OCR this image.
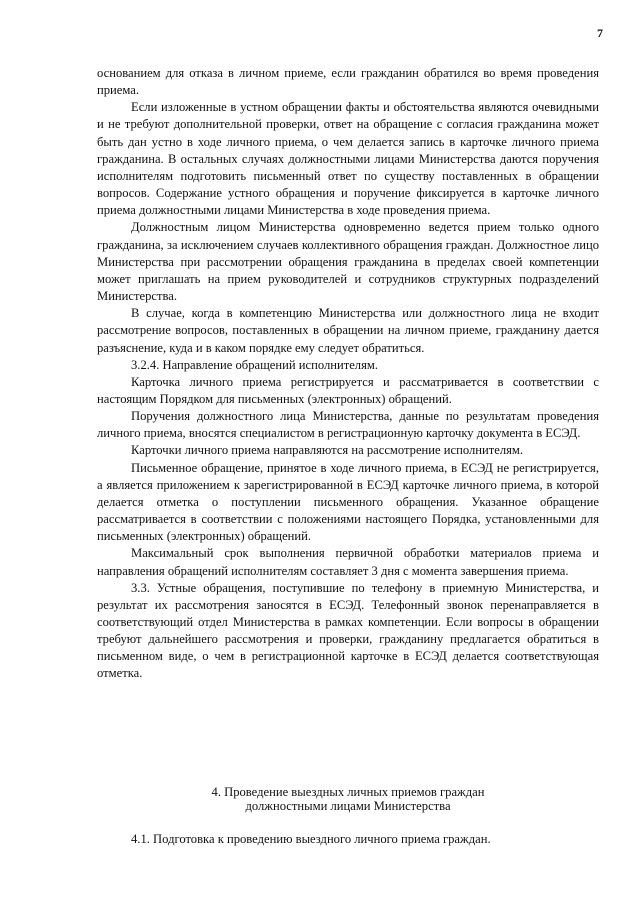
7

основанием для отказа в личном приеме, если гражданин обратился во время проведения приема.

Если изложенные в устном обращении факты и обстоятельства являются очевидными и не требуют дополнительной проверки, ответ на обращение с согласия гражданина может быть дан устно в ходе личного приема, о чем делается запись в карточке личного приема гражданина. В остальных случаях должностными лицами Министерства даются поручения исполнителям подготовить письменный ответ по существу поставленных в обращении вопросов. Содержание устного обращения и поручение фиксируется в карточке личного приема должностными лицами Министерства в ходе проведения приема.

Должностным лицом Министерства одновременно ведется прием только одного гражданина, за исключением случаев коллективного обращения граждан. Должностное лицо Министерства при рассмотрении обращения гражданина в пределах своей компетенции может приглашать на прием руководителей и сотрудников структурных подразделений Министерства.

В случае, когда в компетенцию Министерства или должностного лица не входит рассмотрение вопросов, поставленных в обращении на личном приеме, гражданину дается разъяснение, куда и в каком порядке ему следует обратиться.

3.2.4. Направление обращений исполнителям.

Карточка личного приема регистрируется и рассматривается в соответствии с настоящим Порядком для письменных (электронных) обращений.

Поручения должностного лица Министерства, данные по результатам проведения личного приема, вносятся специалистом в регистрационную карточку документа в ЕСЭД.

Карточки личного приема направляются на рассмотрение исполнителям.

Письменное обращение, принятое в ходе личного приема, в ЕСЭД не регистрируется, а является приложением к зарегистрированной в ЕСЭД карточке личного приема, в которой делается отметка о поступлении письменного обращения. Указанное обращение рассматривается в соответствии с положениями настоящего Порядка, установленными для письменных (электронных) обращений.

Максимальный срок выполнения первичной обработки материалов приема и направления обращений исполнителям составляет 3 дня с момента завершения приема.

3.3. Устные обращения, поступившие по телефону в приемную Министерства, и результат их рассмотрения заносятся в ЕСЭД. Телефонный звонок перенаправляется в соответствующий отдел Министерства в рамках компетенции. Если вопросы в обращении требуют дальнейшего рассмотрения и проверки, гражданину предлагается обратиться в письменном виде, о чем в регистрационной карточке в ЕСЭД делается соответствующая отметка.

4. Проведение выездных личных приемов граждан
должностными лицами Министерства
4.1. Подготовка к проведению выездного личного приема граждан.
